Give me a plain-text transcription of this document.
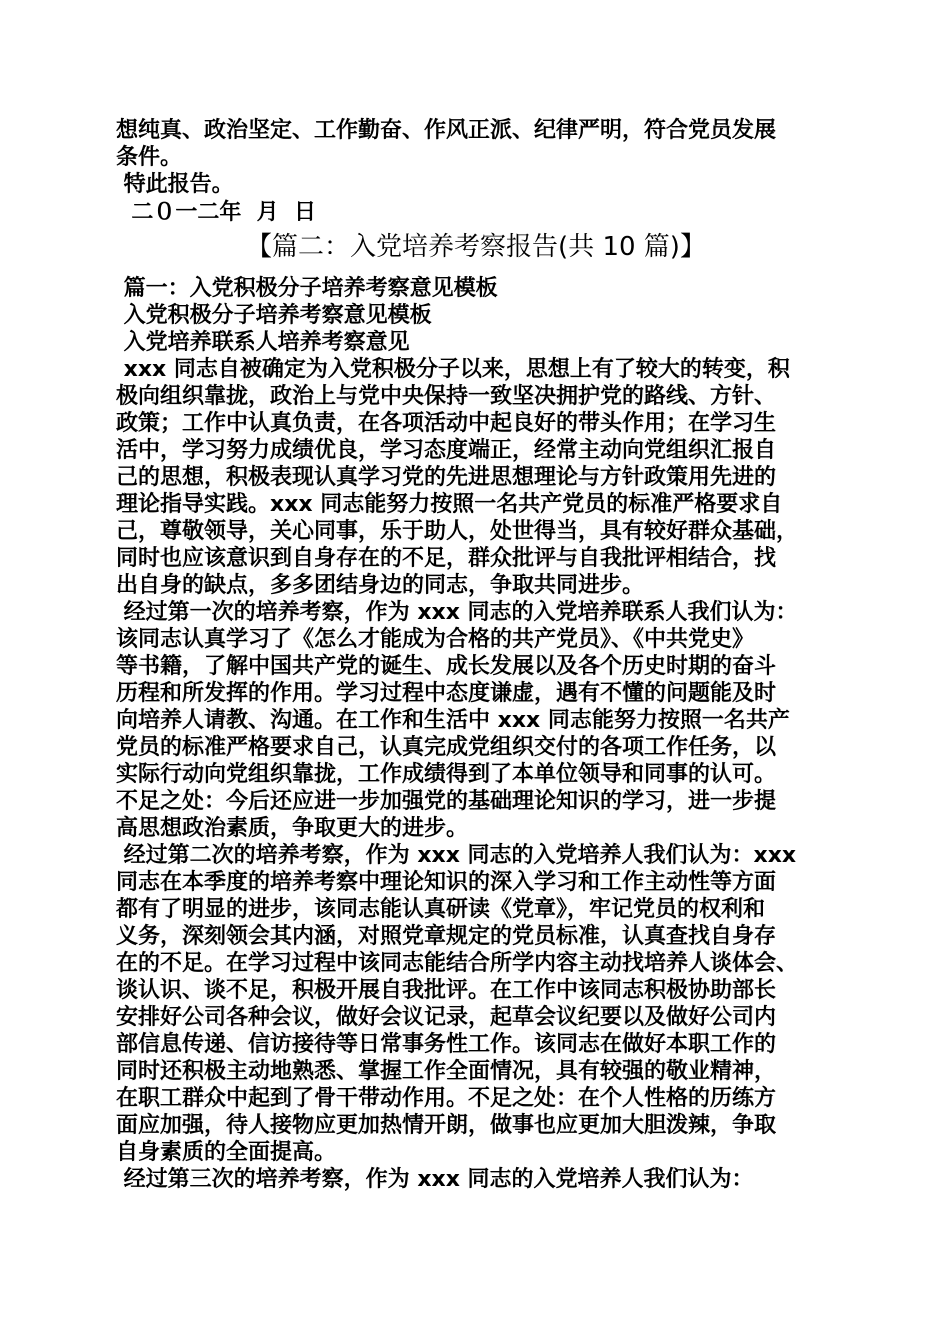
想纯真、政治坚定、工作勤奋、作风正派、纪律严明，符合党员发展
条件。
特此报告。
二０一二年  月  日
【篇二：入党培养考察报告(共 10 篇)】
篇一：入党积极分子培养考察意见模板
入党积极分子培养考察意见模板
入党培养联系人培养考察意见
xxx 同志自被确定为入党积极分子以来，思想上有了较大的转变，积
极向组织靠拢，政治上与党中央保持一致坚决拥护党的路线、方针、
政策；工作中认真负责，在各项活动中起良好的带头作用；在学习生
活中，学习努力成绩优良，学习态度端正，经常主动向党组织汇报自
己的思想，积极表现认真学习党的先进思想理论与方针政策用先进的
理论指导实践。xxx 同志能努力按照一名共产党员的标准严格要求自
己，尊敬领导，关心同事，乐于助人，处世得当，具有较好群众基础，
同时也应该意识到自身存在的不足，群众批评与自我批评相结合，找
出自身的缺点，多多团结身边的同志，争取共同进步。
经过第一次的培养考察，作为 xxx 同志的入党培养联系人我们认为：
该同志认真学习了《怎么才能成为合格的共产党员》、《中共党史》
等书籍，了解中国共产党的诞生、成长发展以及各个历史时期的奋斗
历程和所发挥的作用。学习过程中态度谦虚，遇有不懂的问题能及时
向培养人请教、沟通。在工作和生活中 xxx 同志能努力按照一名共产
党员的标准严格要求自己，认真完成党组织交付的各项工作任务，以
实际行动向党组织靠拢，工作成绩得到了本单位领导和同事的认可。
不足之处：今后还应进一步加强党的基础理论知识的学习，进一步提
高思想政治素质，争取更大的进步。
经过第二次的培养考察，作为 xxx 同志的入党培养人我们认为：xxx
同志在本季度的培养考察中理论知识的深入学习和工作主动性等方面
都有了明显的进步，该同志能认真研读《党章》，牢记党员的权利和
义务，深刻领会其内涵，对照党章规定的党员标准，认真查找自身存
在的不足。在学习过程中该同志能结合所学内容主动找培养人谈体会、
谈认识、谈不足，积极开展自我批评。在工作中该同志积极协助部长
安排好公司各种会议，做好会议记录，起草会议纪要以及做好公司内
部信息传递、信访接待等日常事务性工作。该同志在做好本职工作的
同时还积极主动地熟悉、掌握工作全面情况，具有较强的敬业精神，
在职工群众中起到了骨干带动作用。不足之处：在个人性格的历练方
面应加强，待人接物应更加热情开朗，做事也应更加大胆泼辣，争取
自身素质的全面提高。
经过第三次的培养考察，作为 xxx 同志的入党培养人我们认为：
